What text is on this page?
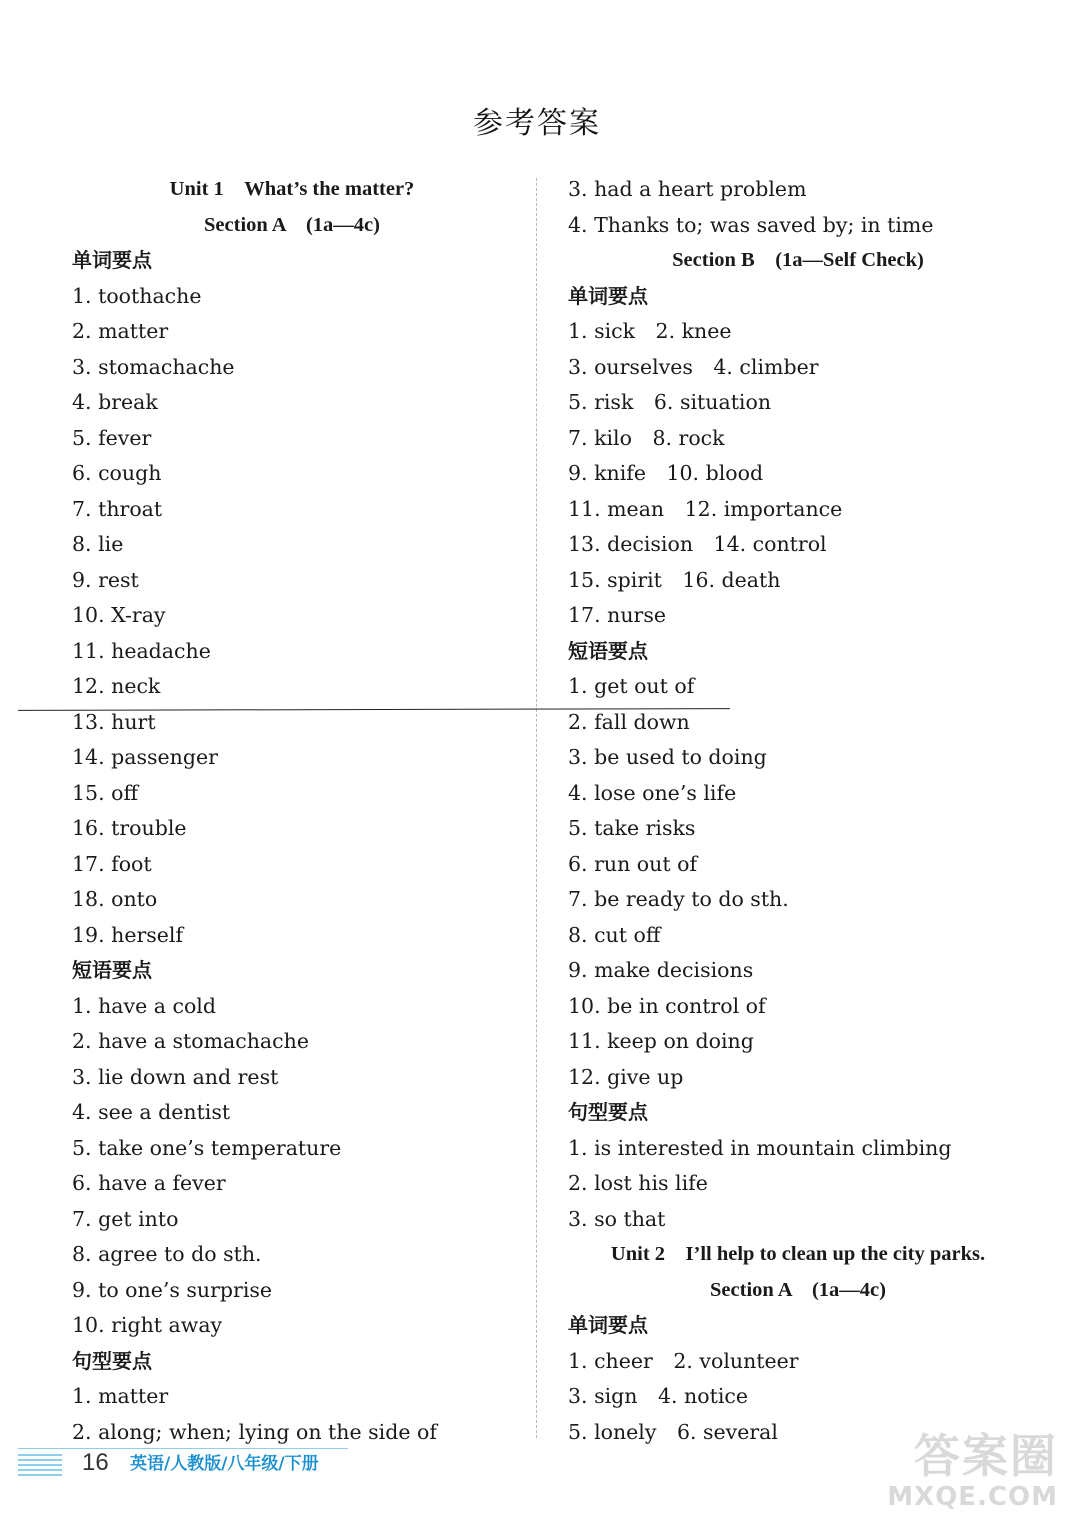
参考答案
Unit 1　What’s the matter?
Section A　(1a—4c)
单词要点
1. toothache
2. matter
3. stomachache
4. break
5. fever
6. cough
7. throat
8. lie
9. rest
10. X-ray
11. headache
12. neck
13. hurt
14. passenger
15. off
16. trouble
17. foot
18. onto
19. herself
短语要点
1. have a cold
2. have a stomachache
3. lie down and rest
4. see a dentist
5. take one’s temperature
6. have a fever
7. get into
8. agree to do sth.
9. to one’s surprise
10. right away
句型要点
1. matter
2. along; when; lying on the side of
3. had a heart problem
4. Thanks to; was saved by; in time
Section B　(1a—Self Check)
单词要点
1. sick　2. knee
3. ourselves　4. climber
5. risk　6. situation
7. kilo　8. rock
9. knife　10. blood
11. mean　12. importance
13. decision　14. control
15. spirit　16. death
17. nurse
短语要点
1. get out of
2. fall down
3. be used to doing
4. lose one’s life
5. take risks
6. run out of
7. be ready to do sth.
8. cut off
9. make decisions
10. be in control of
11. keep on doing
12. give up
句型要点
1. is interested in mountain climbing
2. lost his life
3. so that
Unit 2　I’ll help to clean up the city parks.
Section A　(1a—4c)
单词要点
1. cheer　2. volunteer
3. sign　4. notice
5. lonely　6. several
16 英语/人教版/八年级/下册	答案圈
MXQE.COM
